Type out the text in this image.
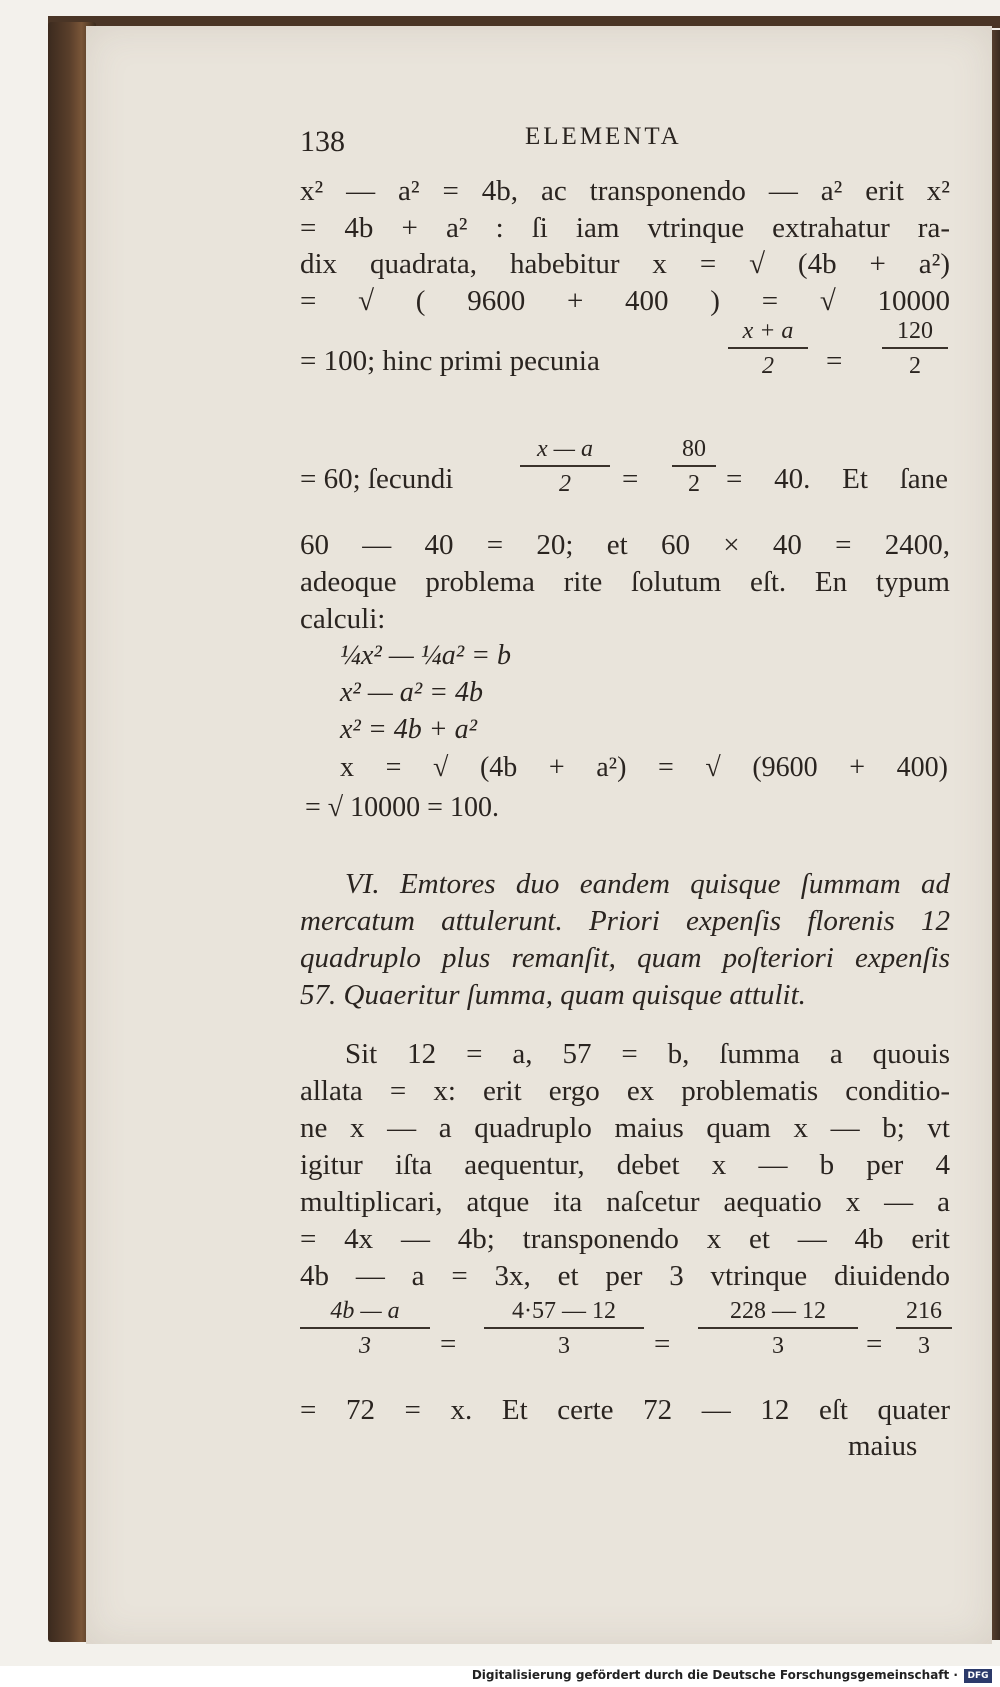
138	ELEMENTA
x² — a² = 4b, ac transponendo — a² erit x²
= 4b + a² : ſi iam vtrinque extrahatur ra-
dix quadrata, habebitur x = √ (4b + a²)
= √ ( 9600 + 400 ) = √ 10000
= 100; hinc primi pecunia
x + a
2	=
120
2
= 60; ſecundi
x — a
2	=
80
2 = 40. Et ſane
60 — 40 = 20; et 60 × 40 = 2400,
adeoque problema rite ſolutum eſt. En typum
calculi:
¼x² — ¼a² = b
x² — a² = 4b
x² = 4b + a²
x = √ (4b + a²) = √ (9600 + 400)
= √ 10000 = 100.
VI. Emtores duo eandem quisque ſummam ad
mercatum attulerunt. Priori expenſis florenis 12
quadruplo plus remanſit, quam poſteriori expenſis
57. Quaeritur ſumma, quam quisque attulit.
Sit 12 = a, 57 = b, ſumma a quouis
allata = x: erit ergo ex problematis conditio-
ne x — a quadruplo maius quam x — b; vt
igitur iſta aequentur, debet x — b per 4
multiplicari, atque ita naſcetur aequatio x — a
= 4x — 4b; transponendo x et — 4b erit
4b — a = 3x, et per 3 vtrinque diuidendo
4b — a
3	=
4·57 — 12
3	=
228 — 12
3	=
216
3
= 72 = x. Et certe 72 — 12 eſt quater
maius
Digitalisierung gefördert durch die Deutsche Forschungsgemeinschaft ·	DFG
